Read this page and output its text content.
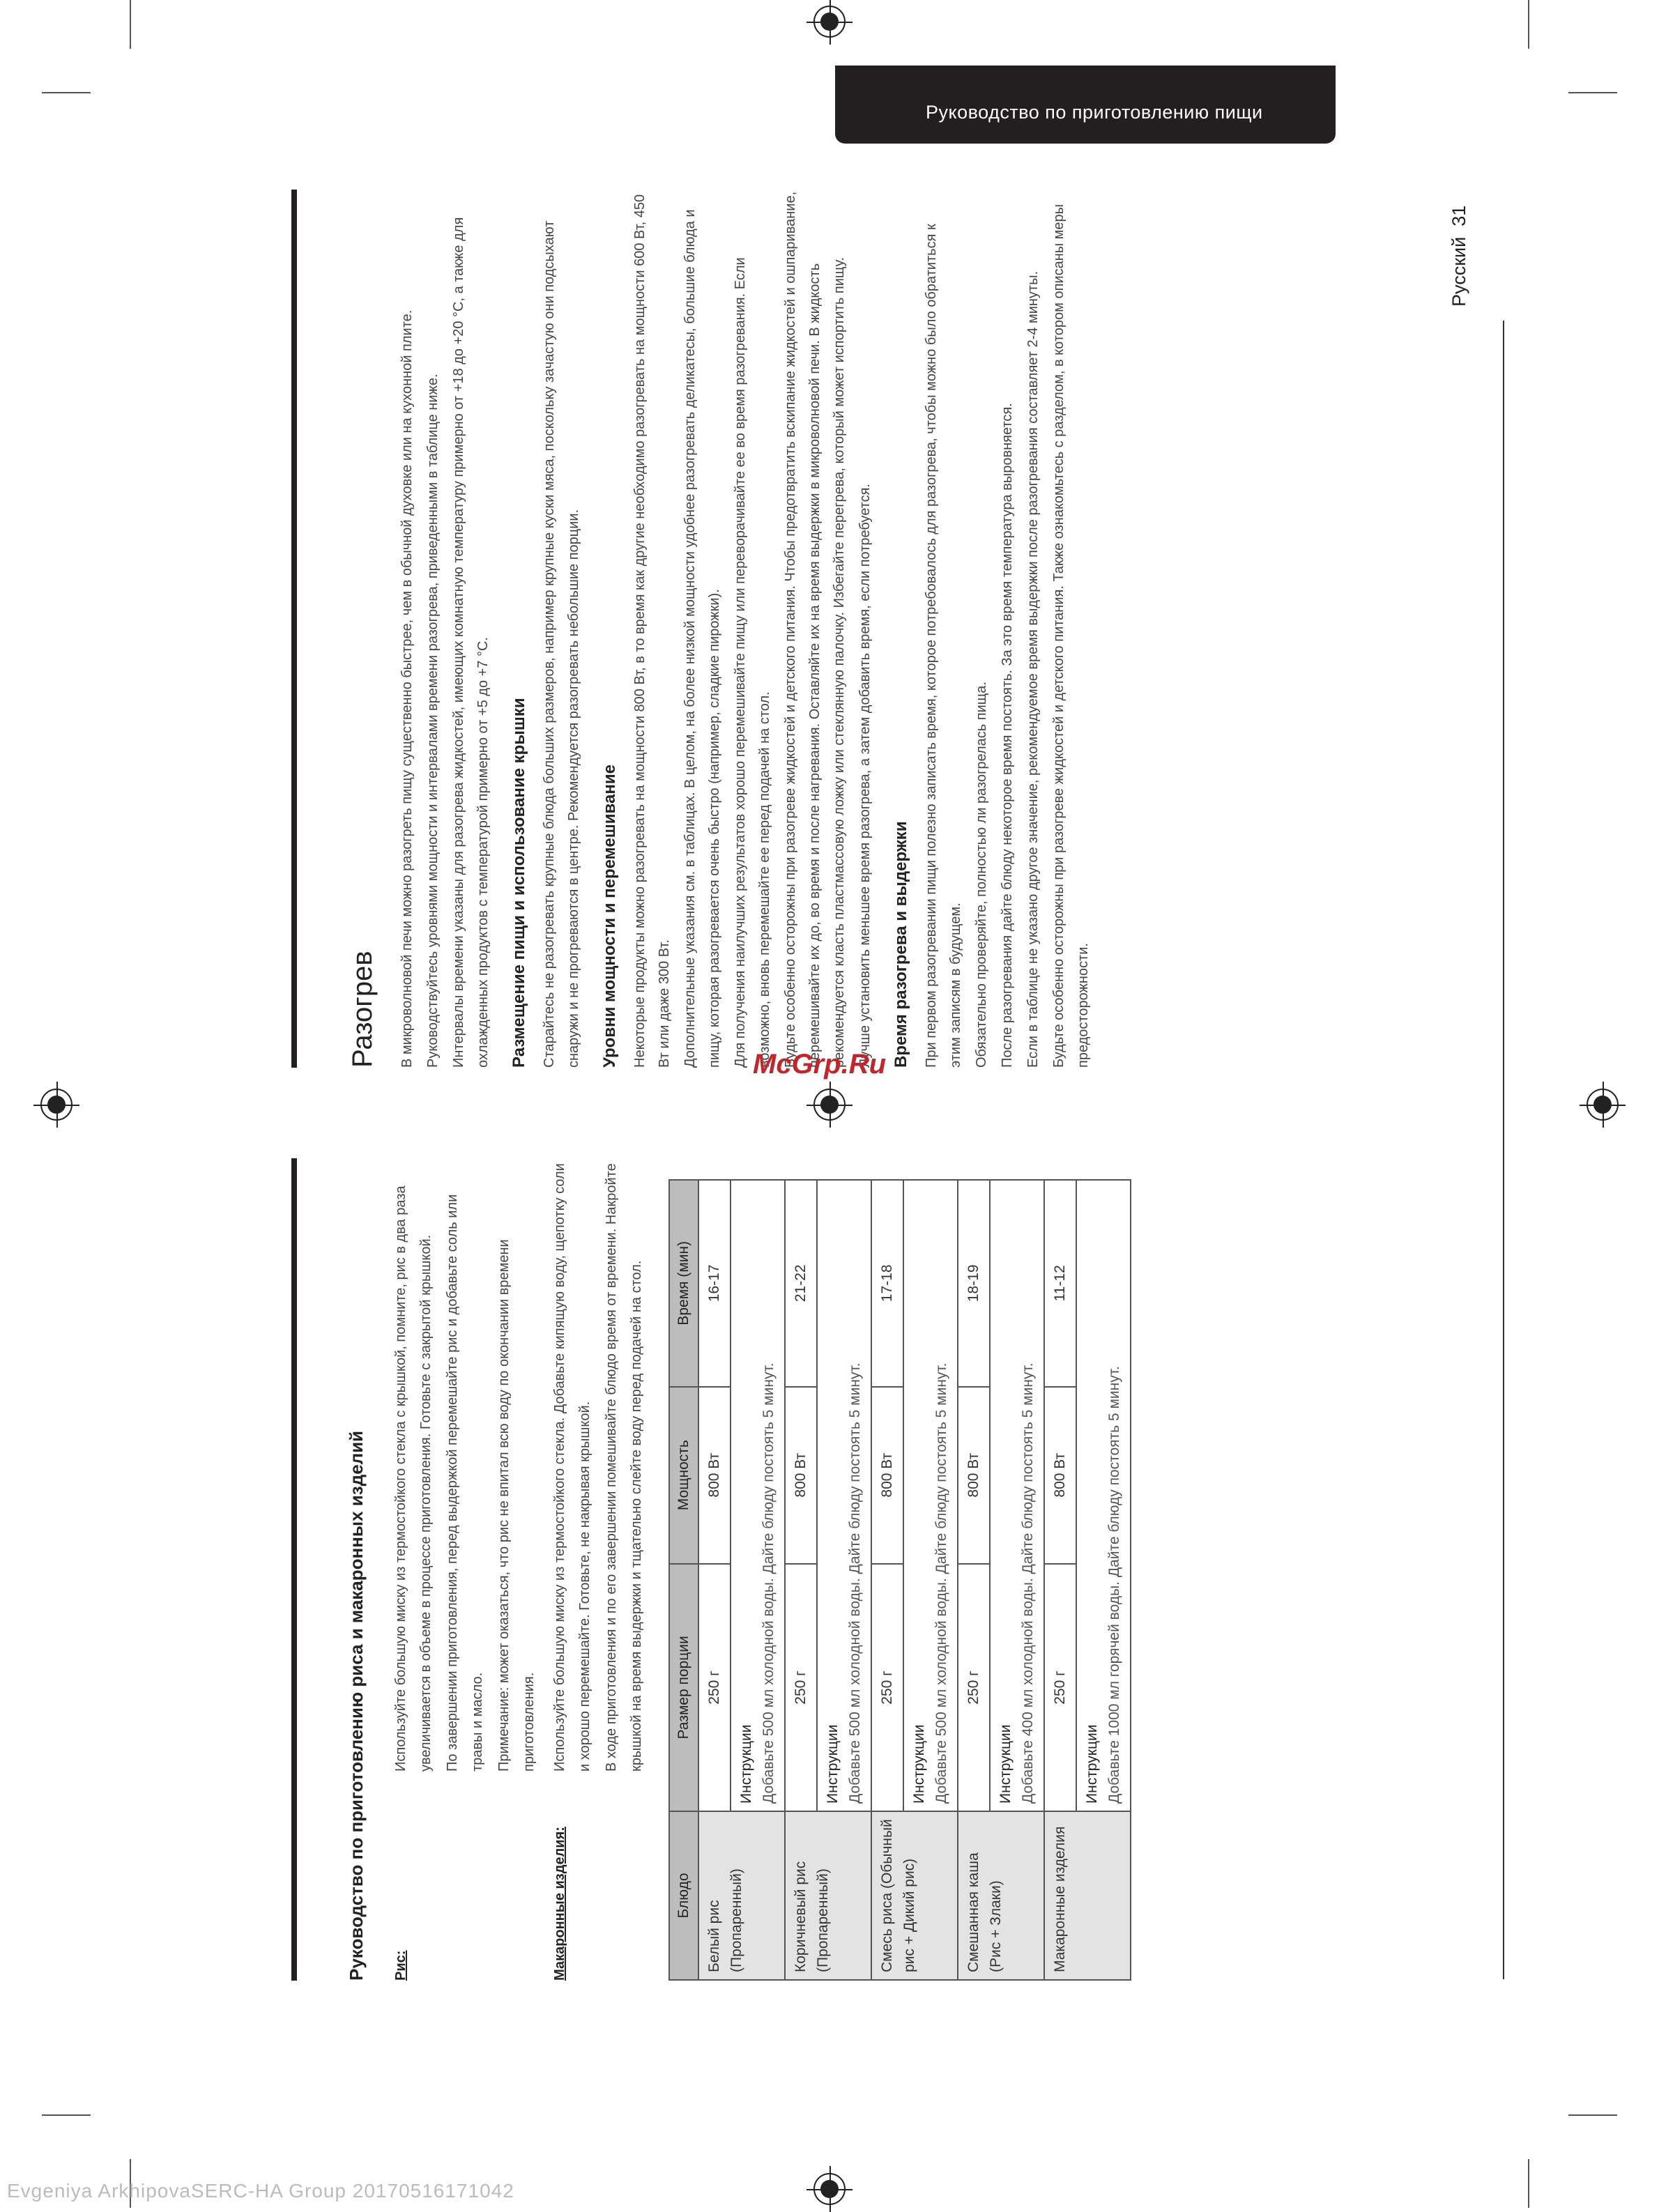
Руководство по приготовлению пищи
Русский  31
Руководство по приготовлению риса и макаронных изделий	Рис:
Используйте большую миску из термостойкого стекла с крышкой, помните, рис в два раза увеличивается в объеме в процессе приготовления. Готовьте с закрытой крышкой. По завершении приготовления, перед выдержкой перемешайте рис и добавьте соль или травы и масло. Примечание: может оказаться, что рис не впитал всю воду по окончании времени приготовления.
Макаронные изделия:
Используйте большую миску из термостойкого стекла. Добавьте кипящую воду, щепотку соли и хорошо перемешайте. Готовьте, не накрывая крышкой. В ходе приготовления и по его завершении помешивайте блюдо время от времени. Накройте крышкой на время выдержки и тщательно слейте воду перед подачей на стол.
Блюдо	Размер порции	Мощность	Время (мин)
Белый рис (Пропаренный)	250 г	800 Вт	16-17

	Инструкции Добавьте 500 мл холодной воды. Дайте блюду постоять 5 минут.		

Коричневый рис (Пропаренный)	250 г	800 Вт	21-22

	Инструкции Добавьте 500 мл холодной воды. Дайте блюду постоять 5 минут.		

Смесь риса (Обычный рис + Дикий рис)	250 г	800 Вт	17-18

	Инструкции Добавьте 500 мл холодной воды. Дайте блюду постоять 5 минут.		

Смешанная каша (Рис + Злаки)	250 г	800 Вт	18-19

	Инструкции Добавьте 400 мл холодной воды. Дайте блюду постоять 5 минут.		

Макаронные изделия	250 г	800 Вт	11-12

	Инструкции Добавьте 1000 мл горячей воды. Дайте блюду постоять 5 минут.		
Разогрев	В микроволновой печи можно разогреть пищу существенно быстрее, чем в обычной духовке или на кухонной плите. Руководствуйтесь уровнями мощности и интервалами времени разогрева, приведенными в таблице ниже. Интервалы времени указаны для разогрева жидкостей, имеющих комнатную температуру примерно от +18 до +20 °C, а также для охлажденных продуктов с температурой примерно от +5 до +7 °C. Размещение пищи и использование крышки Старайтесь не разогревать крупные блюда больших размеров, например крупные куски мяса, поскольку зачастую они подсыхают снаружи и не прогреваются в центре. Рекомендуется разогревать небольшие порции. Уровни мощности и перемешивание Некоторые продукты можно разогревать на мощности 800 Вт, в то время как другие необходимо разогревать на мощности 600 Вт, 450 Вт или даже 300 Вт. Дополнительные указания см. в таблицах. В целом, на более низкой мощности удобнее разогревать деликатесы, большие блюда и пищу, которая разогревается очень быстро (например, сладкие пирожки). Для получения наилучших результатов хорошо перемешивайте пищу или переворачивайте ее во время разогревания. Если возможно, вновь перемешайте ее перед подачей на стол. Будьте особенно осторожны при разогреве жидкостей и детского питания. Чтобы предотвратить вскипание жидкостей и ошпаривание, перемешивайте их до, во время и после нагревания. Оставляйте их на время выдержки в микроволновой печи. В жидкость рекомендуется класть пластмассовую ложку или стеклянную палочку. Избегайте перегрева, который может испортить пищу. Лучше установить меньшее время разогрева, а затем добавить время, если потребуется. Время разогрева и выдержки При первом разогревании пищи полезно записать время, которое потребовалось для разогрева, чтобы можно было обратиться к этим записям в будущем. Обязательно проверяйте, полностью ли разогрелась пища. После разогревания дайте блюду некоторое время постоять. За это время температура выровняется. Если в таблице не указано другое значение, рекомендуемое время выдержки после разогревания составляет 2-4 минуты. Будьте особенно осторожны при разогреве жидкостей и детского питания. Также ознакомьтесь с разделом, в котором описаны меры предосторожности.

McGrp.Ru
Evgeniya ArkhipovaSERC-HA Group 20170516171042
